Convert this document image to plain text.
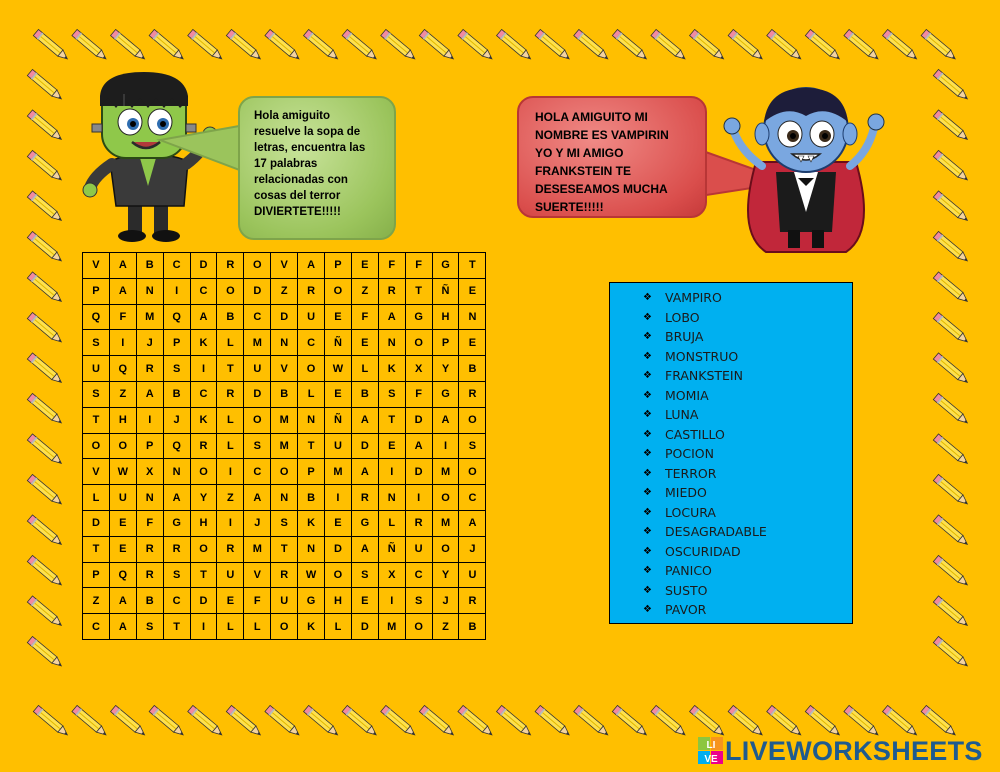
Hola amiguito
resuelve la sopa de
letras, encuentra las
17 palabras
relacionadas con
cosas del terror
DIVIERTETE!!!!!
HOLA AMIGUITO MI
NOMBRE ES VAMPIRIN
YO Y MI AMIGO
FRANKSTEIN TE
DESESEAMOS MUCHA
SUERTE!!!!!
V	A	B	C	D	R	O	V	A	P	E	F	F	G	T
P	A	N	I	C	O	D	Z	R	O	Z	R	T	Ñ	E
Q	F	M	Q	A	B	C	D	U	E	F	A	G	H	N
S	I	J	P	K	L	M	N	C	Ñ	E	N	O	P	E
U	Q	R	S	I	T	U	V	O	W	L	K	X	Y	B
S	Z	A	B	C	R	D	B	L	E	B	S	F	G	R
T	H	I	J	K	L	O	M	N	Ñ	A	T	D	A	O
O	O	P	Q	R	L	S	M	T	U	D	E	A	I	S
V	W	X	N	O	I	C	O	P	M	A	I	D	M	O
L	U	N	A	Y	Z	A	N	B	I	R	N	I	O	C
D	E	F	G	H	I	J	S	K	E	G	L	R	M	A
T	E	R	R	O	R	M	T	N	D	A	Ñ	U	O	J
P	Q	R	S	T	U	V	R	W	O	S	X	C	Y	U
Z	A	B	C	D	E	F	U	G	H	E	I	S	J	R
C	A	S	T	I	L	L	O	K	L	D	M	O	Z	B
❖	VAMPIRO
❖	LOBO
❖	BRUJA
❖	MONSTRUO
❖	FRANKSTEIN
❖	MOMIA
❖	LUNA
❖	CASTILLO
❖	POCION
❖	TERROR
❖	MIEDO
❖	LOCURA
❖	DESAGRADABLE
❖	OSCURIDAD
❖	PANICO
❖	SUSTO
❖	PAVOR
LI
VE LIVEWORKSHEETS
